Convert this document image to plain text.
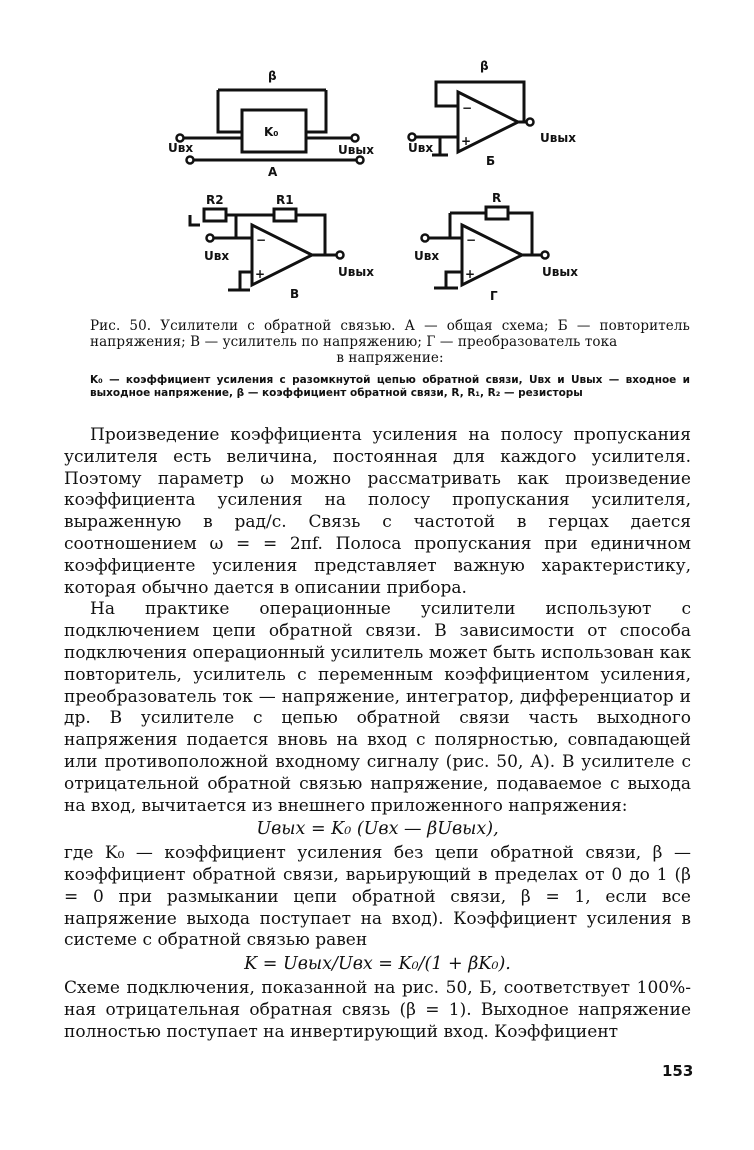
−
+
−
+
−
+
β
K₀
Uвх	Uвых
A
β
Uвх
Uвых
Б
R2	R1
Uвх
Uвых
В
R
Uвх
Uвых
Г
Рис. 50. Усилители с обратной связью. А — общая схема; Б — повторитель напряжения; В — усилитель по напряжению; Г — преобразователь тока
в напряжение:
K₀ — коэффициент усиления с разомкнутой цепью обратной связи, Uвх и Uвых — входное и выходное напряжение, β — коэффициент обратной связи, R, R₁, R₂ — резисторы

Произведение коэффициента усиления на полосу пропускания усилителя есть величина, постоянная для каждого усилителя. Поэтому параметр ω можно рассматривать как произведение коэффициента усиления на полосу пропускания усилителя, выраженную в рад/с. Связь с частотой в герцах дается соотношением ω = = 2πf. Полоса пропускания при единичном коэффициенте усиления представляет важную характеристику, которая обычно дается в описании прибора.

На практике операционные усилители используют с подключением цепи обратной связи. В зависимости от способа подключения операционный усилитель может быть использован как повторитель, усилитель с переменным коэффициентом усиления, преобразователь ток — напряжение, интегратор, дифференциатор и др. В усилителе с цепью обратной связи часть выходного напряжения подается вновь на вход с полярностью, совпадающей или противоположной входному сигналу (рис. 50, А). В усилителе с отрицательной обратной связью напряжение, подаваемое с выхода на вход, вычитается из внешнего приложенного напряжения:

Uвых = K₀ (Uвх — βUвых),

где K₀ — коэффициент усиления без цепи обратной связи, β — коэффициент обратной связи, варьирующий в пределах от 0 до 1 (β = 0 при размыкании цепи обратной связи, β = 1, если все напряжение выхода поступает на вход). Коэффициент усиления в системе с обратной связью равен

K = Uвых/Uвх = K₀/(1 + βK₀).

Схеме подключения, показанной на рис. 50, Б, соответствует 100%-ная отрицательная обратная связь (β = 1). Выходное напряжение полностью поступает на инвертирующий вход. Коэффициент

153
